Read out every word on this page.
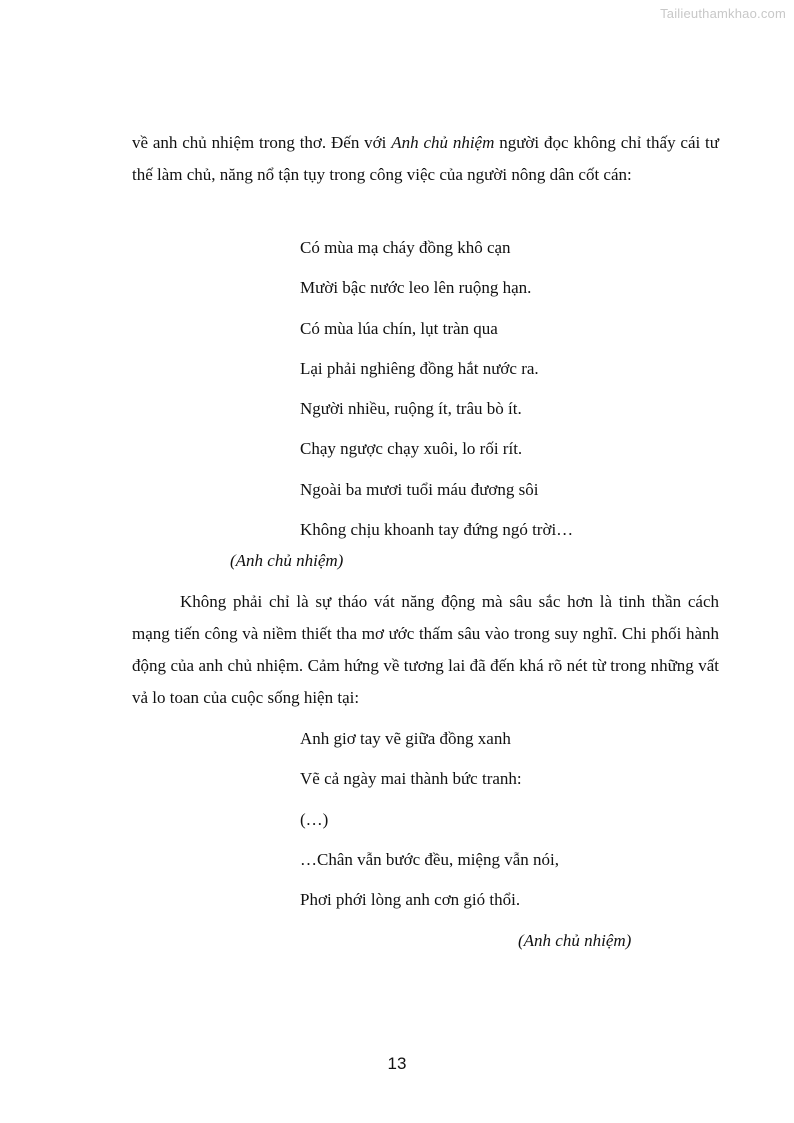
Tailieuthamkhao.com

về anh chủ nhiệm trong thơ. Đến với Anh chủ nhiệm người đọc không chỉ thấy cái tư thế làm chủ, năng nổ tận tụy trong công việc của người nông dân cốt cán:

Có mùa mạ cháy đồng khô cạn
Mười bậc nước leo lên ruộng hạn.
Có mùa lúa chín, lụt tràn qua
Lại phải nghiêng đồng hắt nước ra.
Người nhiều, ruộng ít, trâu bò ít.
Chạy ngược chạy xuôi, lo rối rít.
Ngoài ba mươi tuổi máu đương sôi
Không chịu khoanh tay đứng ngó trời…
(Anh chủ nhiệm)

Không phải chỉ là sự tháo vát năng động mà sâu sắc hơn là tinh thần cách mạng tiến công và niềm thiết tha mơ ước thấm sâu vào trong suy nghĩ. Chi phối hành động của anh chủ nhiệm. Cảm hứng về tương lai đã đến khá rõ nét từ trong những vất vả lo toan của cuộc sống hiện tại:

Anh giơ tay vẽ giữa đồng xanh
Vẽ cả ngày mai thành bức tranh:
(…)
…Chân vẫn bước đều, miệng vẫn nói,
Phơi phới lòng anh cơn gió thổi.
(Anh chủ nhiệm)
13
